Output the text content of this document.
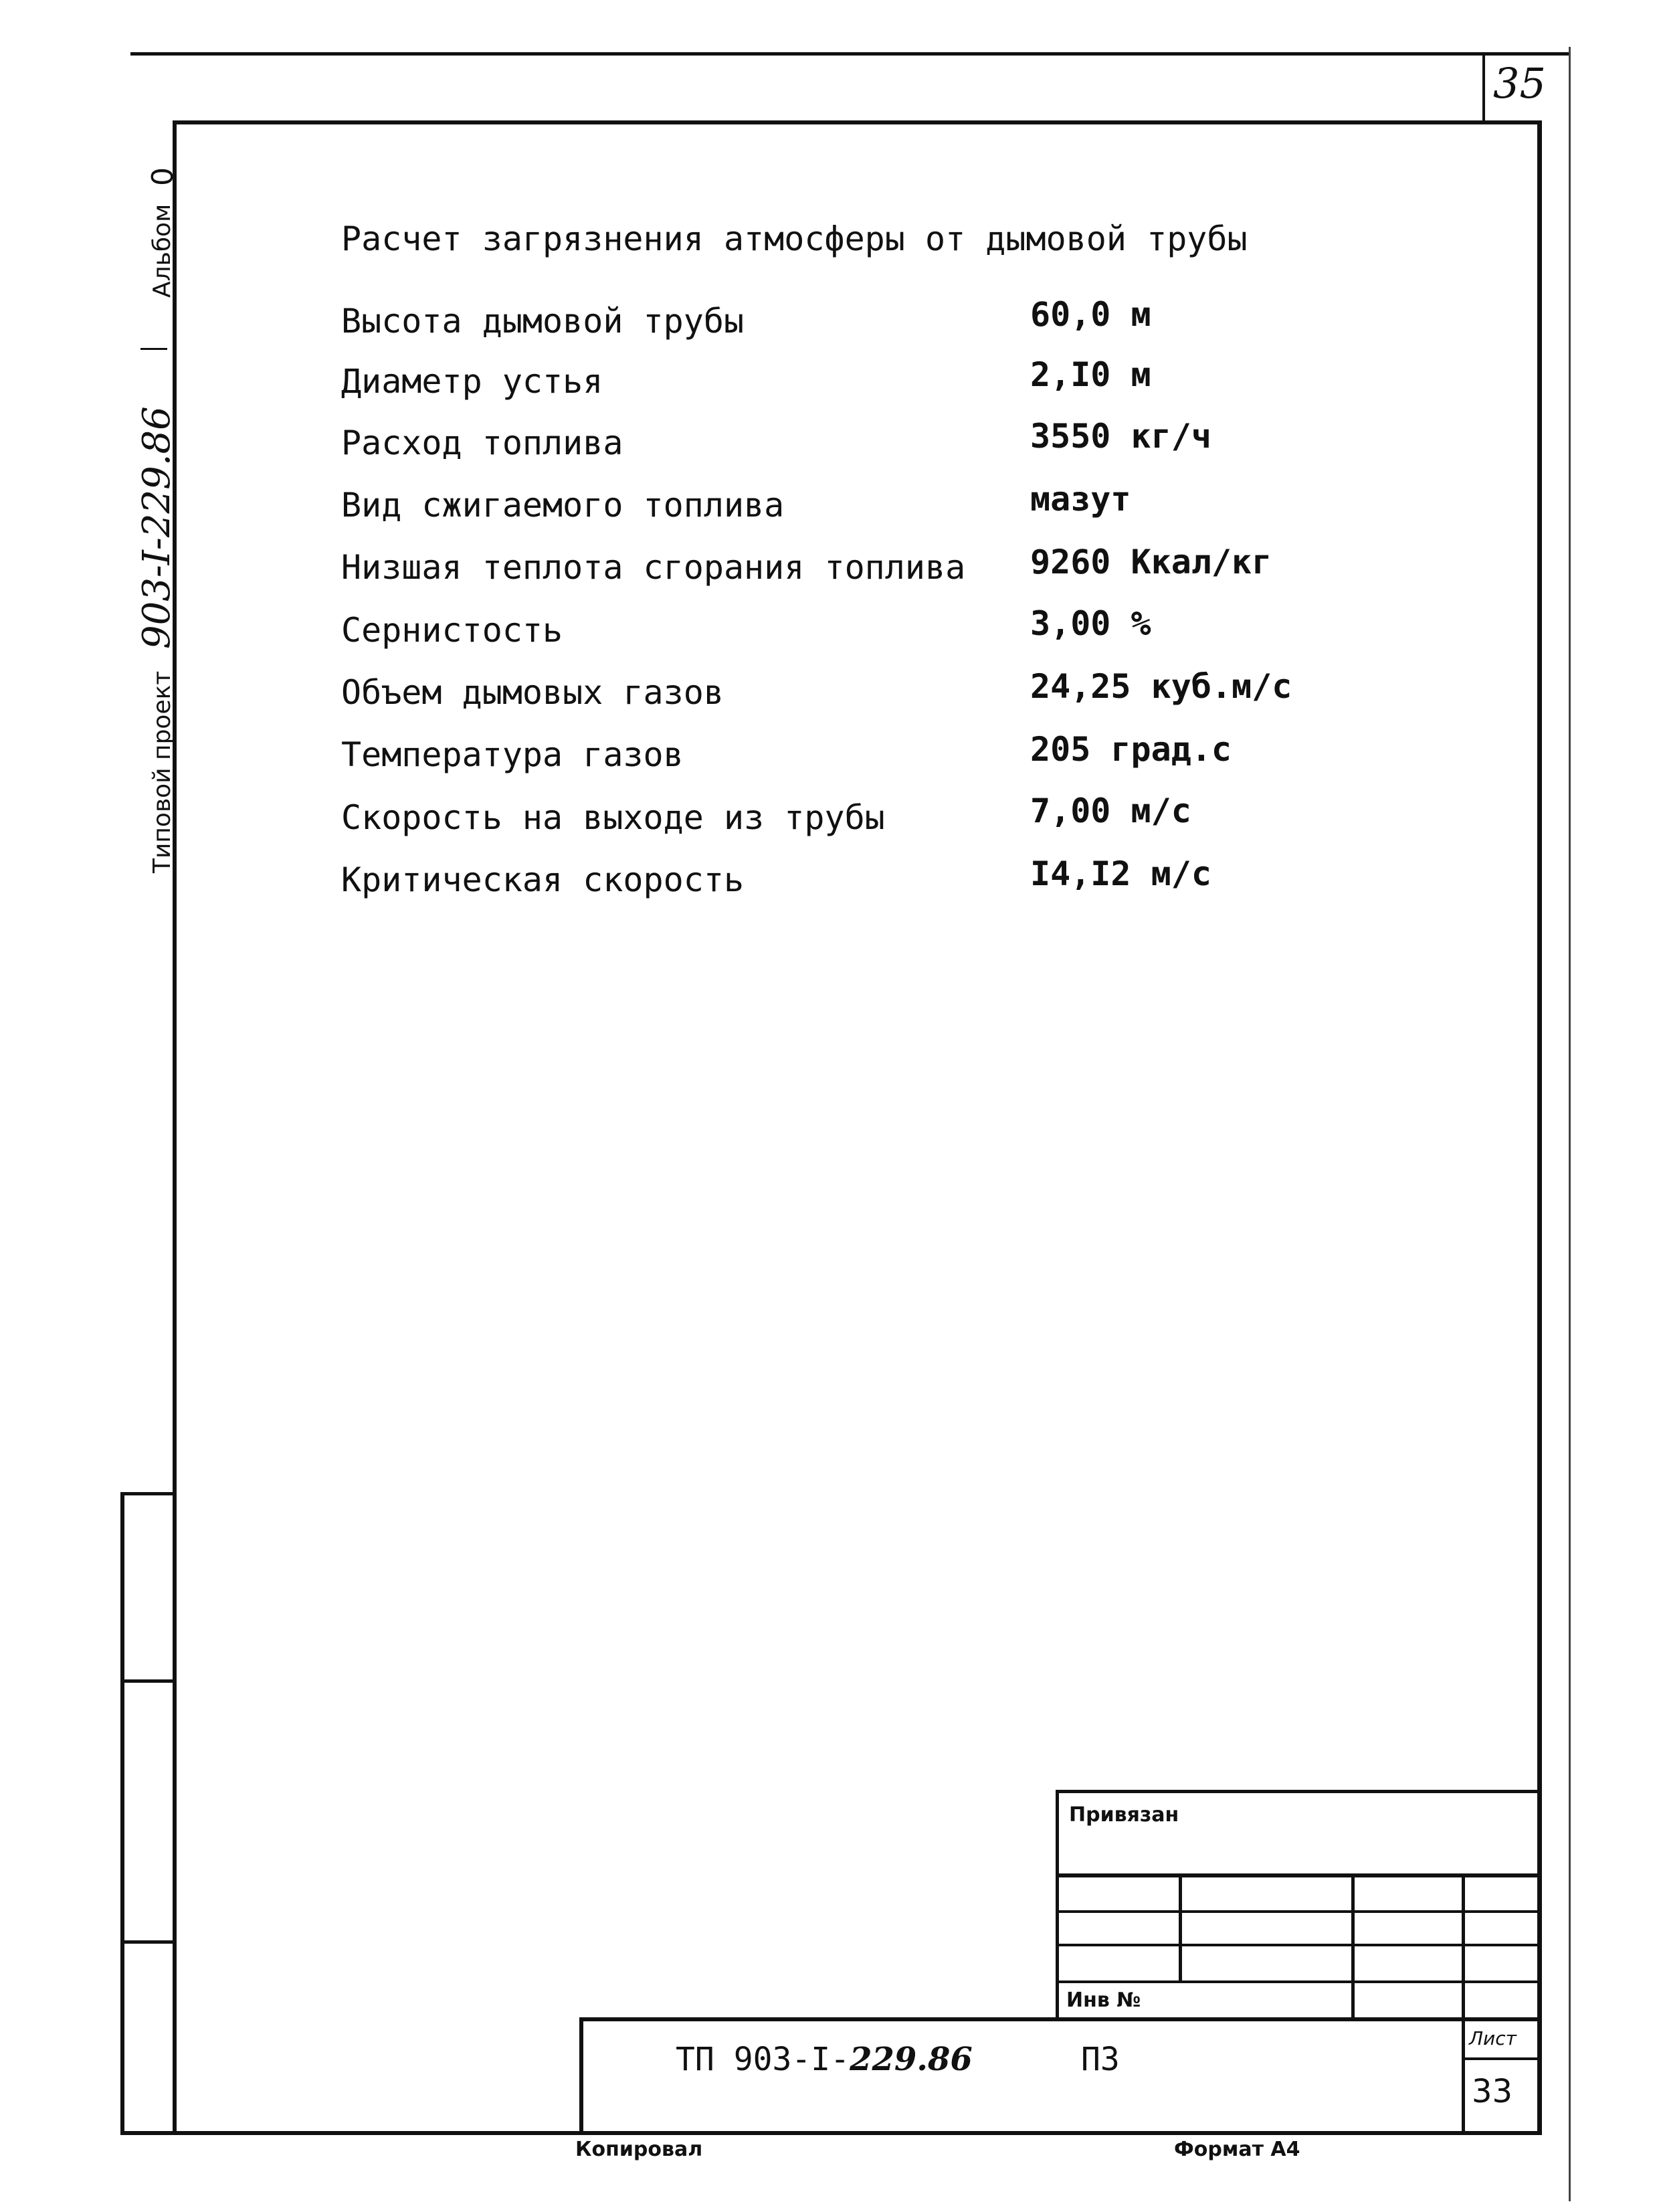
35
Альбом
0
Типовой проект
903-I-229.86
Расчет загрязнения атмосферы от дымовой трубы
Высота дымовой трубы	60,0 м
Диаметр устья	2,I0 м
Расход топлива	3550 кг/ч
Вид сжигаемого топлива	мазут
Низшая теплота сгорания топлива 9260 Ккал/кг
Сернистость	3,00 %
Объем дымовых газов	24,25 куб.м/с
Температура газов	205 град.с
Скорость на выходе из трубы	7,00 м/с
Критическая скорость	I4,I2 м/с
Привязан
Инв №
ТП 903-I-229.86	ПЗ
Лист
33
Копировал	Формат А4
